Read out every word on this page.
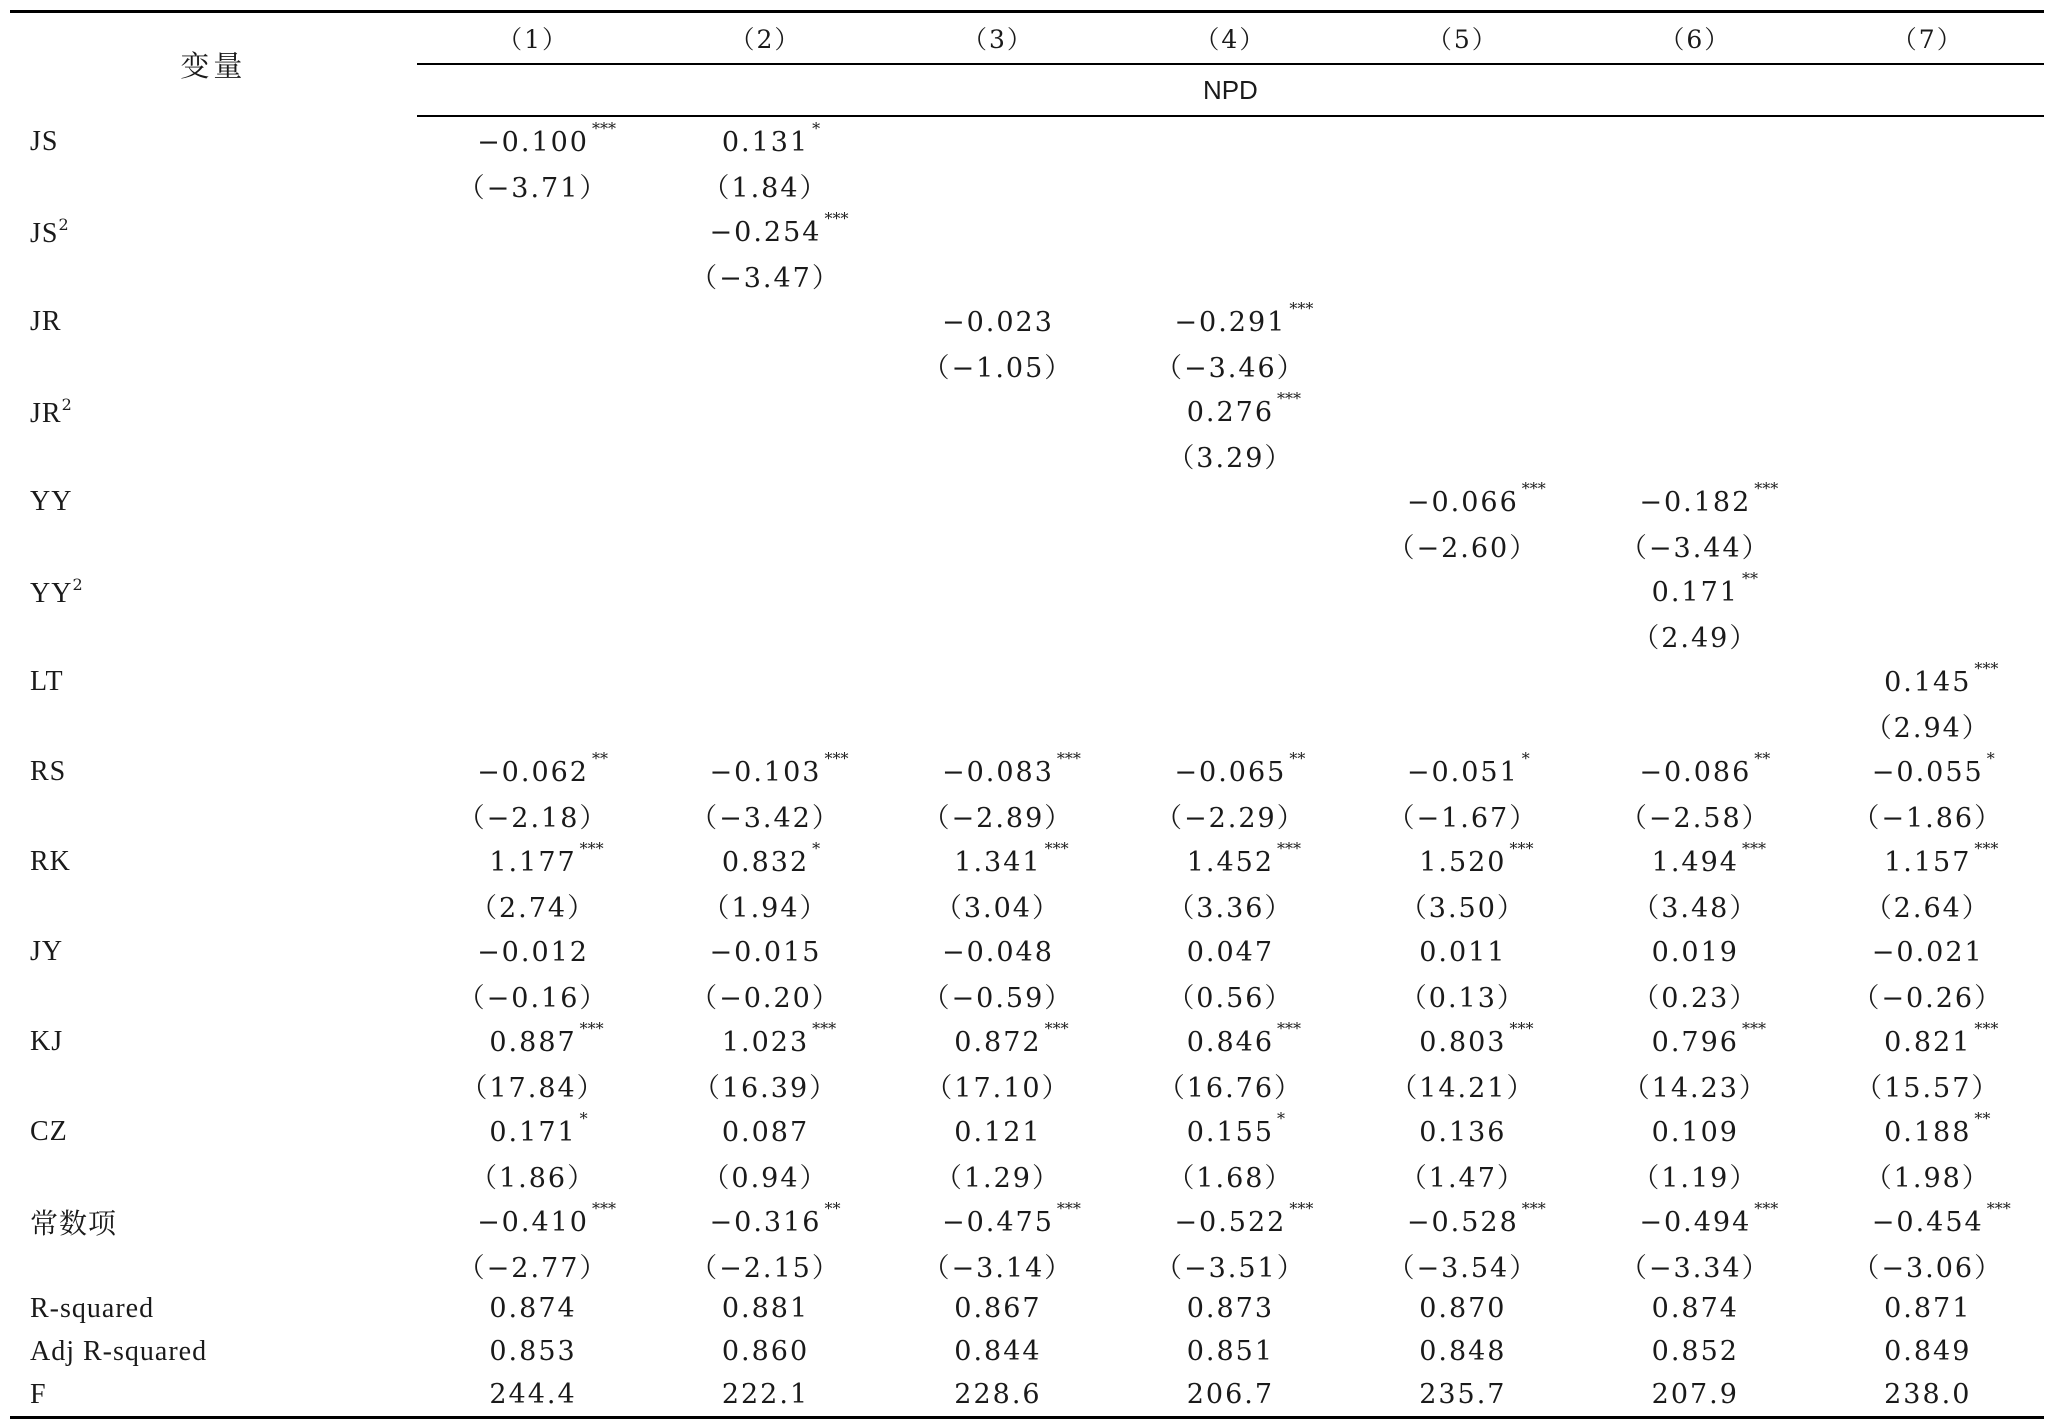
变量	（1）	（2）	（3）	（4）	（5）	（6）	（7）
	NPD						
JS	−0.100 ***	0.131 *					

	（−3.71）	（1.84）					
$JS^2$		−0.254 ***					

		（−3.47）					
JR			−0.023	−0.291 ***			

			（−1.05）	（−3.46）			
$JR^2$				0.276 ***			

				（3.29）			
YY					−0.066 ***	−0.182 ***	

					（−2.60）	（−3.44）	
$YY^2$						0.171 **	

						（2.49）	
LT							0.145 ***

							（2.94）
RS	−0.062 **	−0.103 ***	−0.083 ***	−0.065 **	−0.051 *	−0.086 **	−0.055 *

	（−2.18）	（−3.42）	（−2.89）	（−2.29）	（−1.67）	（−2.58）	（−1.86）
RK	1.177 ***	0.832 *	1.341 ***	1.452 ***	1.520 ***	1.494 ***	1.157 ***

	（2.74）	（1.94）	（3.04）	（3.36）	（3.50）	（3.48）	（2.64）
JY	−0.012	−0.015	−0.048	0.047	0.011	0.019	−0.021
	（−0.16）	（−0.20）	（−0.59）	（0.56）	（0.13）	（0.23）	（−0.26）
KJ	0.887 ***	1.023 ***	0.872 ***	0.846 ***	0.803 ***	0.796 ***	0.821 ***

	（17.84）	（16.39）	（17.10）	（16.76）	（14.21）	（14.23）	（15.57）
CZ	0.171 *	0.087	0.121	0.155 *	0.136	0.109	0.188 **

	（1.86）	（0.94）	（1.29）	（1.68）	（1.47）	（1.19）	（1.98）
常数项	−0.410 ***	−0.316 **	−0.475 ***	−0.522 ***	−0.528 ***	−0.494 ***	−0.454 ***

	（−2.77）	（−2.15）	（−3.14）	（−3.51）	（−3.54）	（−3.34）	（−3.06）
R-squared	0.874	0.881	0.867	0.873	0.870	0.874	0.871
Adj R-squared	0.853	0.860	0.844	0.851	0.848	0.852	0.849
F	244.4	222.1	228.6	206.7	235.7	207.9	238.0
